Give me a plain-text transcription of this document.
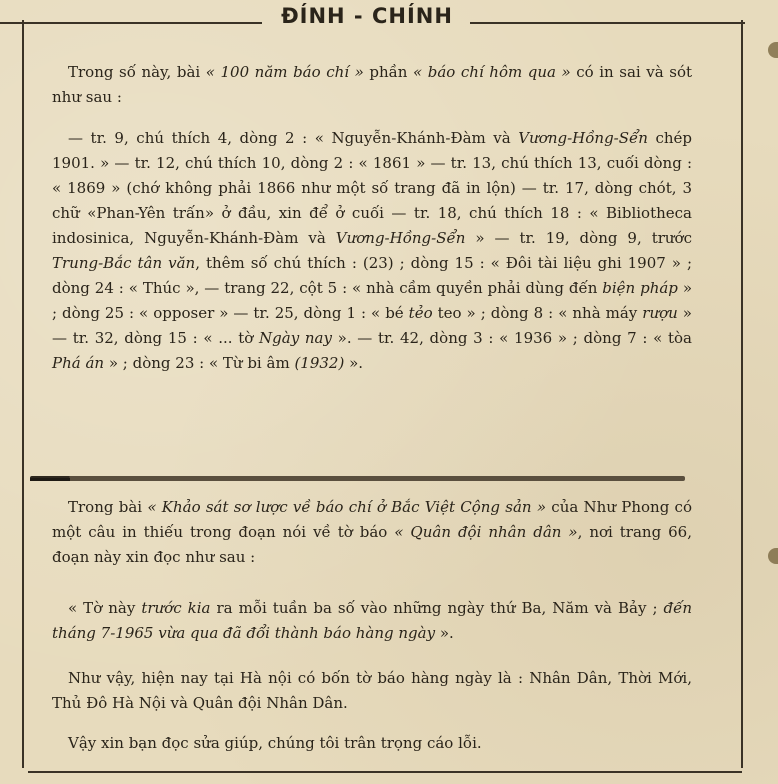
ĐÍNH - CHÍNH

Trong số này, bài « 100 năm báo chí » phần « báo chí hôm qua » có in sai và sót như sau :

— tr. 9, chú thích 4, dòng 2 : « Nguyễn-Khánh-Đàm và Vương-Hồng-Sển chép 1901. » — tr. 12, chú thích 10, dòng 2 : « 1861 » — tr. 13, chú thích 13, cuối dòng : « 1869 » (chớ không phải 1866 như một số trang đã in lộn) — tr. 17, dòng chót, 3 chữ «Phan-Yên trấn» ở đầu, xin để ở cuối — tr. 18, chú thích 18 : « Bibliotheca indosinica, Nguyễn-Khánh-Đàm và Vương-Hồng-Sển » — tr. 19, dòng 9, trước Trung-Bắc tân văn, thêm số chú thích : (23) ; dòng 15 : « Đôi tài liệu ghi 1907 » ; dòng 24 : « Thúc », — trang 22, cột 5 : « nhà cầm quyền phải dùng đến biện pháp » ; dòng 25 : « opposer » — tr. 25, dòng 1 : « bé tẻo teo » ; dòng 8 : « nhà máy rượu » — tr. 32, dòng 15 : « ... tờ Ngày nay ». — tr. 42, dòng 3 : « 1936 » ; dòng 7 : « tòa Phá án » ; dòng 23 : « Từ bi âm (1932) ».

Trong bài « Khảo sát sơ lược về báo chí ở Bắc Việt Cộng sản » của Như Phong có một câu in thiếu trong đoạn nói về tờ báo « Quân đội nhân dân », nơi trang 66, đoạn này xin đọc như sau :

« Tờ này trước kia ra mỗi tuần ba số vào những ngày thứ Ba, Năm và Bảy ; đến tháng 7-1965 vừa qua đã đổi thành báo hàng ngày ».

Như vậy, hiện nay tại Hà nội có bốn tờ báo hàng ngày là : Nhân Dân, Thời Mới, Thủ Đô Hà Nội và Quân đội Nhân Dân.

Vậy xin bạn đọc sửa giúp, chúng tôi trân trọng cáo lỗi.
